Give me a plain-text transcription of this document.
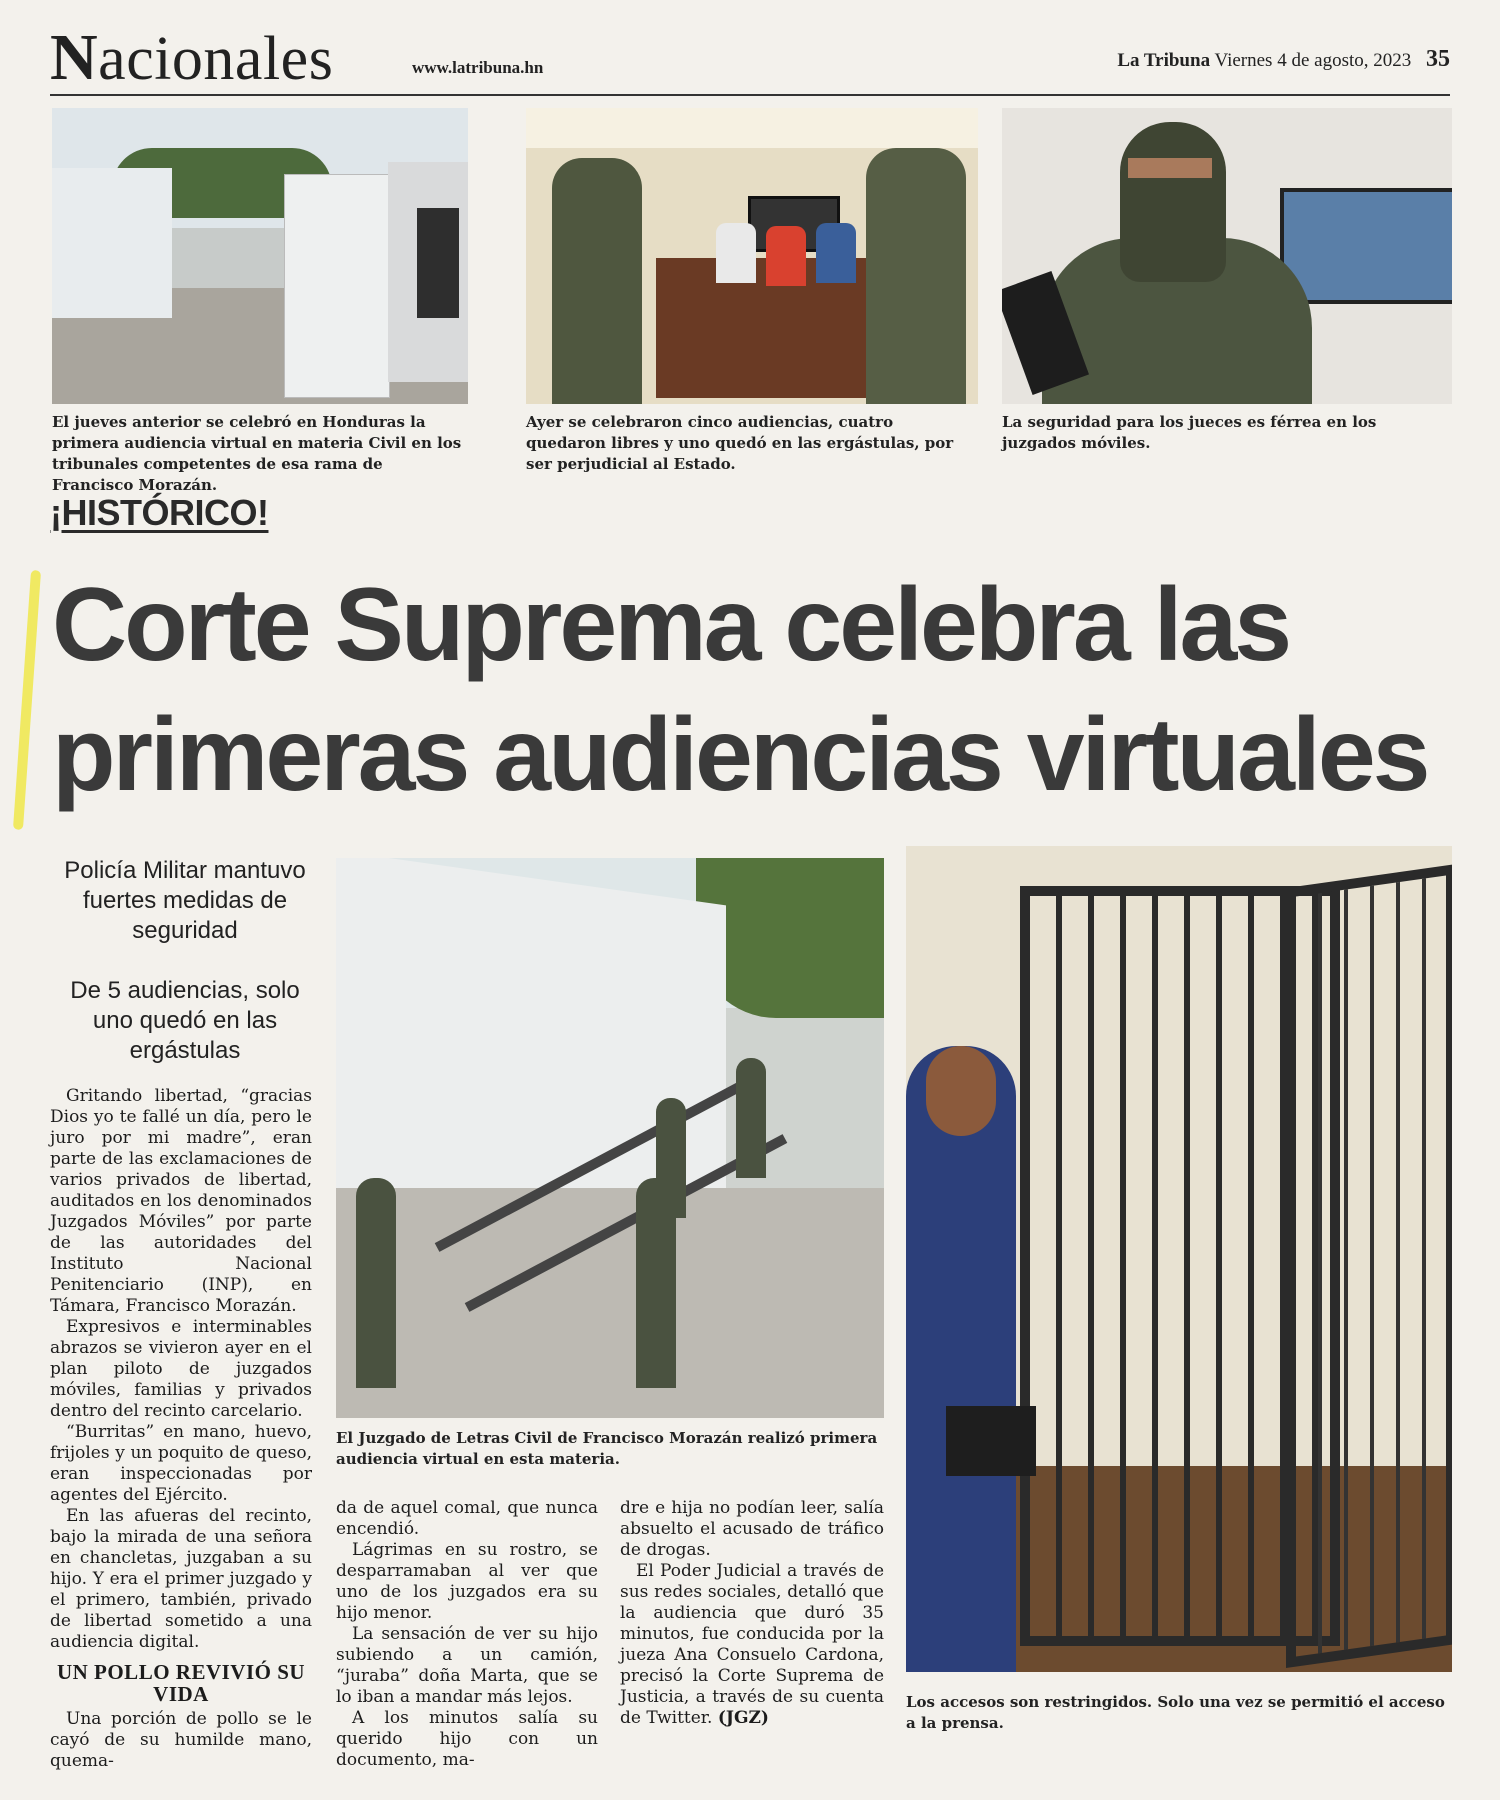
Nacionales	www.latribuna.hn	La Tribuna Viernes 4 de agosto, 2023 35

El jueves anterior se celebró en Honduras la primera audiencia virtual en materia Civil en los tribunales competentes de esa rama de Francisco Morazán.

Ayer se celebraron cinco audiencias, cuatro quedaron libres y uno quedó en las ergástulas, por ser perjudicial al Estado.

La seguridad para los jueces es férrea en los juzgados móviles.

¡HISTÓRICO!
Corte Suprema celebra las primeras audiencias virtuales

Policía Militar mantuvo fuertes medidas de seguridad

De 5 audiencias, solo uno quedó en las ergástulas

El Juzgado de Letras Civil de Francisco Morazán realizó primera audiencia virtual en esta materia.

Los accesos son restringidos. Solo una vez se permitió el acceso a la prensa.

Gritando libertad, “gracias Dios yo te fallé un día, pero le juro por mi madre”, eran parte de las exclamaciones de varios privados de libertad, auditados en los denominados Juzgados Móviles” por parte de las autoridades del Instituto Nacional Penitenciario (INP), en Támara, Francisco Morazán.

Expresivos e interminables abrazos se vivieron ayer en el plan piloto de juzgados móviles, familias y privados dentro del recinto carcelario.

“Burritas” en mano, huevo, frijoles y un poquito de queso, eran inspeccionadas por agentes del Ejército.

En las afueras del recinto, bajo la mirada de una señora en chancletas, juzgaban a su hijo. Y era el primer juzgado y el primero, también, privado de libertad sometido a una audiencia digital.

UN POLLO REVIVIÓ SU VIDA

Una porción de pollo se le cayó de su humilde mano, quema-

da de aquel comal, que nunca encendió.

Lágrimas en su rostro, se desparramaban al ver que uno de los juzgados era su hijo menor.

La sensación de ver su hijo subiendo a un camión, “juraba” doña Marta, que se lo iban a mandar más lejos.

A los minutos salía su querido hijo con un documento, ma-

dre e hija no podían leer, salía absuelto el acusado de tráfico de drogas.

El Poder Judicial a través de sus redes sociales, detalló que la audiencia que duró 35 minutos, fue conducida por la jueza Ana Consuelo Cardona, precisó la Corte Suprema de Justicia, a través de su cuenta de Twitter. (JGZ)
